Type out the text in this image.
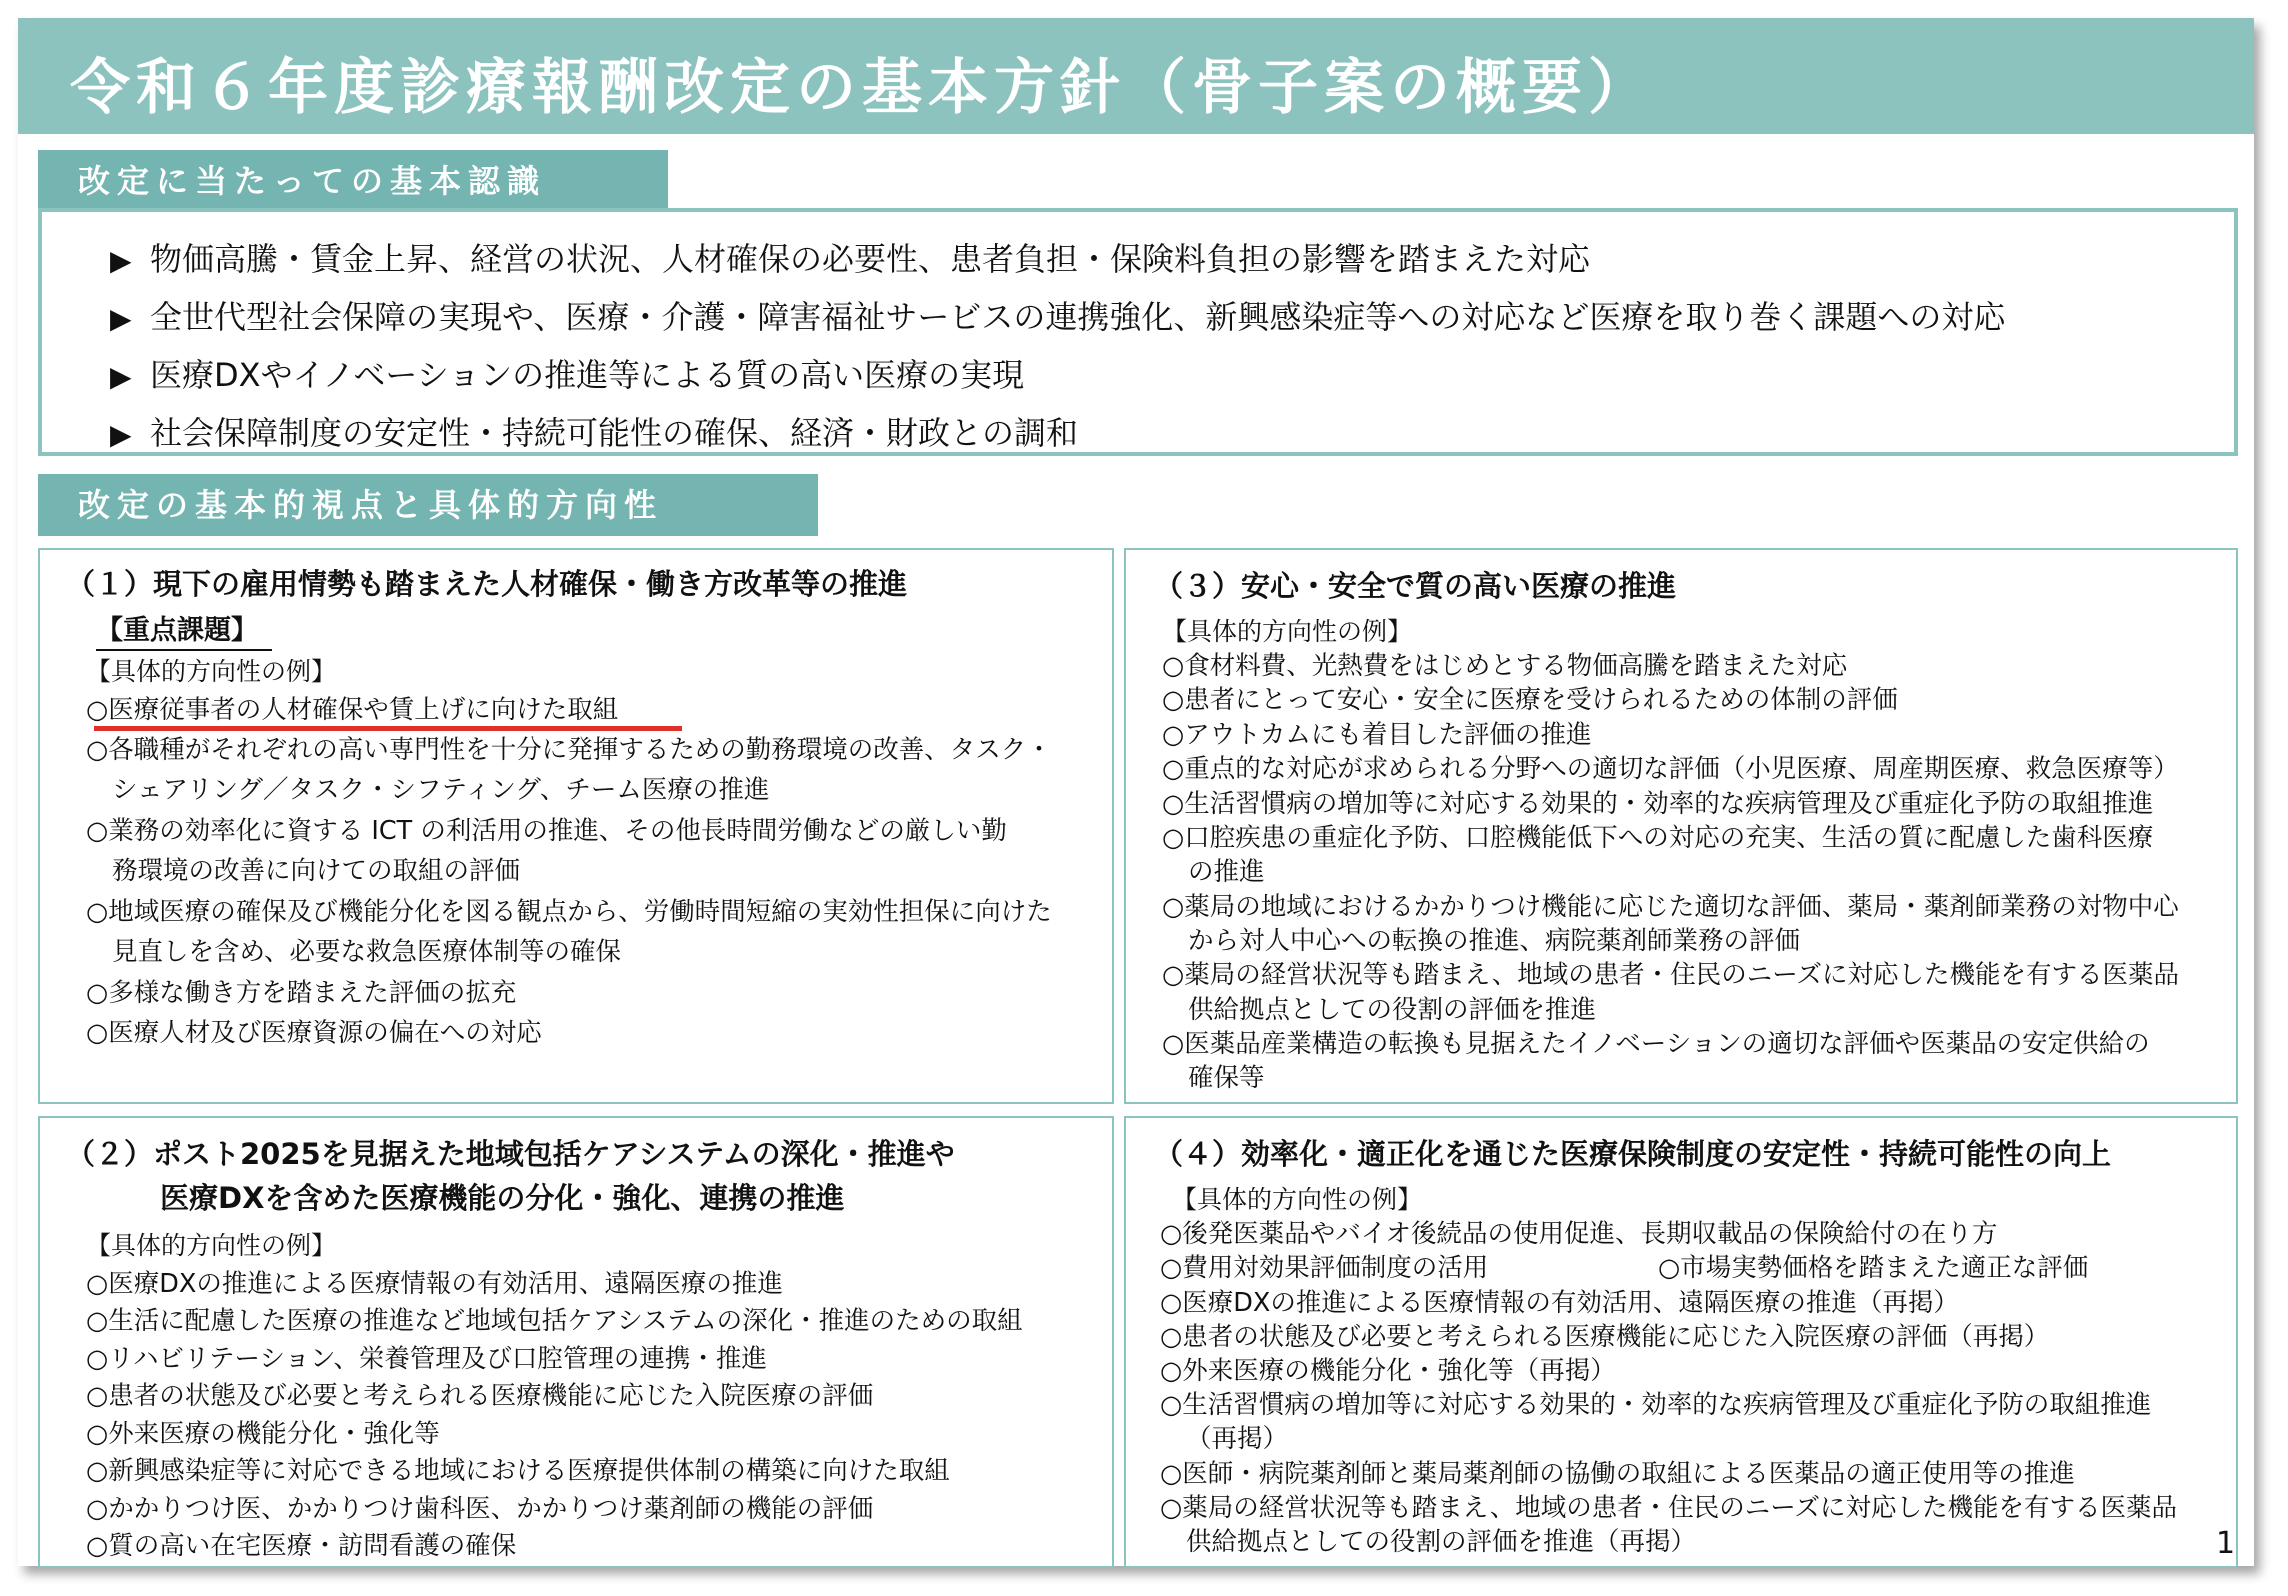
令和６年度診療報酬改定の基本方針（骨子案の概要）
改定に当たっての基本認識
▶ 物価高騰・賃金上昇、経営の状況、人材確保の必要性、患者負担・保険料負担の影響を踏まえた対応
▶ 全世代型社会保障の実現や、医療・介護・障害福祉サービスの連携強化、新興感染症等への対応など医療を取り巻く課題への対応
▶ 医療DXやイノベーションの推進等による質の高い医療の実現
▶ 社会保障制度の安定性・持続可能性の確保、経済・財政との調和
改定の基本的視点と具体的方向性
（１）現下の雇用情勢も踏まえた人材確保・働き方改革等の推進
【重点課題】
【具体的方向性の例】
○医療従事者の人材確保や賃上げに向けた取組
○各職種がそれぞれの高い専門性を十分に発揮するための勤務環境の改善、タスク・
シェアリング／タスク・シフティング、チーム医療の推進
○業務の効率化に資する ICT の利活用の推進、その他長時間労働などの厳しい勤
務環境の改善に向けての取組の評価
○地域医療の確保及び機能分化を図る観点から、労働時間短縮の実効性担保に向けた
見直しを含め、必要な救急医療体制等の確保
○多様な働き方を踏まえた評価の拡充
○医療人材及び医療資源の偏在への対応
（３）安心・安全で質の高い医療の推進
【具体的方向性の例】
○食材料費、光熱費をはじめとする物価高騰を踏まえた対応
○患者にとって安心・安全に医療を受けられるための体制の評価
○アウトカムにも着目した評価の推進
○重点的な対応が求められる分野への適切な評価（小児医療、周産期医療、救急医療等）
○生活習慣病の増加等に対応する効果的・効率的な疾病管理及び重症化予防の取組推進
○口腔疾患の重症化予防、口腔機能低下への対応の充実、生活の質に配慮した歯科医療
の推進
○薬局の地域におけるかかりつけ機能に応じた適切な評価、薬局・薬剤師業務の対物中心
から対人中心への転換の推進、病院薬剤師業務の評価
○薬局の経営状況等も踏まえ、地域の患者・住民のニーズに対応した機能を有する医薬品
供給拠点としての役割の評価を推進
○医薬品産業構造の転換も見据えたイノベーションの適切な評価や医薬品の安定供給の
確保等
（２）ポスト2025を見据えた地域包括ケアシステムの深化・推進や
医療DXを含めた医療機能の分化・強化、連携の推進
【具体的方向性の例】
○医療DXの推進による医療情報の有効活用、遠隔医療の推進
○生活に配慮した医療の推進など地域包括ケアシステムの深化・推進のための取組
○リハビリテーション、栄養管理及び口腔管理の連携・推進
○患者の状態及び必要と考えられる医療機能に応じた入院医療の評価
○外来医療の機能分化・強化等
○新興感染症等に対応できる地域における医療提供体制の構築に向けた取組
○かかりつけ医、かかりつけ歯科医、かかりつけ薬剤師の機能の評価
○質の高い在宅医療・訪問看護の確保
（４）効率化・適正化を通じた医療保険制度の安定性・持続可能性の向上
【具体的方向性の例】
○後発医薬品やバイオ後続品の使用促進、長期収載品の保険給付の在り方
○費用対効果評価制度の活用	○市場実勢価格を踏まえた適正な評価
○医療DXの推進による医療情報の有効活用、遠隔医療の推進（再掲）
○患者の状態及び必要と考えられる医療機能に応じた入院医療の評価（再掲）
○外来医療の機能分化・強化等（再掲）
○生活習慣病の増加等に対応する効果的・効率的な疾病管理及び重症化予防の取組推進
（再掲）
○医師・病院薬剤師と薬局薬剤師の協働の取組による医薬品の適正使用等の推進
○薬局の経営状況等も踏まえ、地域の患者・住民のニーズに対応した機能を有する医薬品
供給拠点としての役割の評価を推進（再掲）	1
